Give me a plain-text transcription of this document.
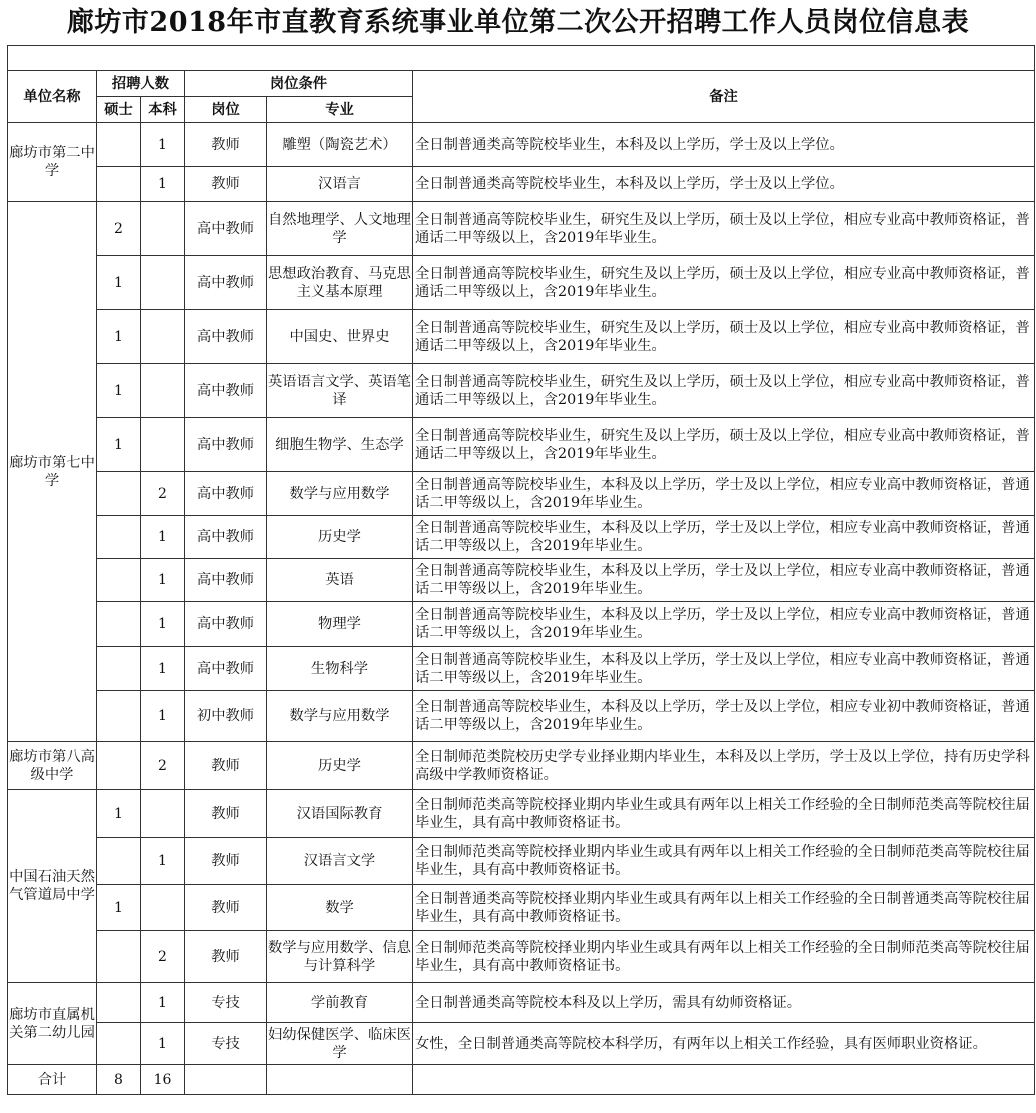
廊坊市2018年市直教育系统事业单位第二次公开招聘工作人员岗位信息表

单位名称	招聘人数		岗位条件		备注
	硕士	本科	岗位	专业	
廊坊市第二中学		1	教师	雕塑（陶瓷艺术）	全日制普通类高等院校毕业生，本科及以上学历，学士及以上学位。
		1	教师	汉语言	全日制普通类高等院校毕业生，本科及以上学历，学士及以上学位。
廊坊市第七中学	2		高中教师	自然地理学、人文地理学	全日制普通高等院校毕业生，研究生及以上学历，硕士及以上学位，相应专业高中教师资格证，普通话二甲等级以上，含2019年毕业生。
	1		高中教师	思想政治教育、马克思主义基本原理	全日制普通高等院校毕业生，研究生及以上学历，硕士及以上学位，相应专业高中教师资格证，普通话二甲等级以上，含2019年毕业生。
	1		高中教师	中国史、世界史	全日制普通高等院校毕业生，研究生及以上学历，硕士及以上学位，相应专业高中教师资格证，普通话二甲等级以上，含2019年毕业生。
	1		高中教师	英语语言文学、英语笔译	全日制普通高等院校毕业生，研究生及以上学历，硕士及以上学位，相应专业高中教师资格证，普通话二甲等级以上，含2019年毕业生。
	1		高中教师	细胞生物学、生态学	全日制普通高等院校毕业生，研究生及以上学历，硕士及以上学位，相应专业高中教师资格证，普通话二甲等级以上，含2019年毕业生。
		2	高中教师	数学与应用数学	全日制普通高等院校毕业生，本科及以上学历，学士及以上学位，相应专业高中教师资格证，普通话二甲等级以上，含2019年毕业生。
		1	高中教师	历史学	全日制普通高等院校毕业生，本科及以上学历，学士及以上学位，相应专业高中教师资格证，普通话二甲等级以上，含2019年毕业生。
		1	高中教师	英语	全日制普通高等院校毕业生，本科及以上学历，学士及以上学位，相应专业高中教师资格证，普通话二甲等级以上，含2019年毕业生。
		1	高中教师	物理学	全日制普通高等院校毕业生，本科及以上学历，学士及以上学位，相应专业高中教师资格证，普通话二甲等级以上，含2019年毕业生。
		1	高中教师	生物科学	全日制普通高等院校毕业生，本科及以上学历，学士及以上学位，相应专业高中教师资格证，普通话二甲等级以上，含2019年毕业生。
		1	初中教师	数学与应用数学	全日制普通高等院校毕业生，本科及以上学历，学士及以上学位，相应专业初中教师资格证，普通话二甲等级以上，含2019年毕业生。
廊坊市第八高级中学		2	教师	历史学	全日制师范类院校历史学专业择业期内毕业生，本科及以上学历，学士及以上学位，持有历史学科高级中学教师资格证。
中国石油天然气管道局中学	1		教师	汉语国际教育	全日制师范类高等院校择业期内毕业生或具有两年以上相关工作经验的全日制师范类高等院校往届毕业生，具有高中教师资格证书。
		1	教师	汉语言文学	全日制师范类高等院校择业期内毕业生或具有两年以上相关工作经验的全日制师范类高等院校往届毕业生，具有高中教师资格证书。
	1		教师	数学	全日制普通类高等院校择业期内毕业生或具有两年以上相关工作经验的全日制普通类高等院校往届毕业生，具有高中教师资格证书。
		2	教师	数学与应用数学、信息与计算科学	全日制师范类高等院校择业期内毕业生或具有两年以上相关工作经验的全日制师范类高等院校往届毕业生，具有高中教师资格证书。
廊坊市直属机关第二幼儿园		1	专技	学前教育	全日制普通类高等院校本科及以上学历，需具有幼师资格证。
		1	专技	妇幼保健医学、临床医学	女性，全日制普通类高等院校本科学历，有两年以上相关工作经验，具有医师职业资格证。
合计	8	16			
